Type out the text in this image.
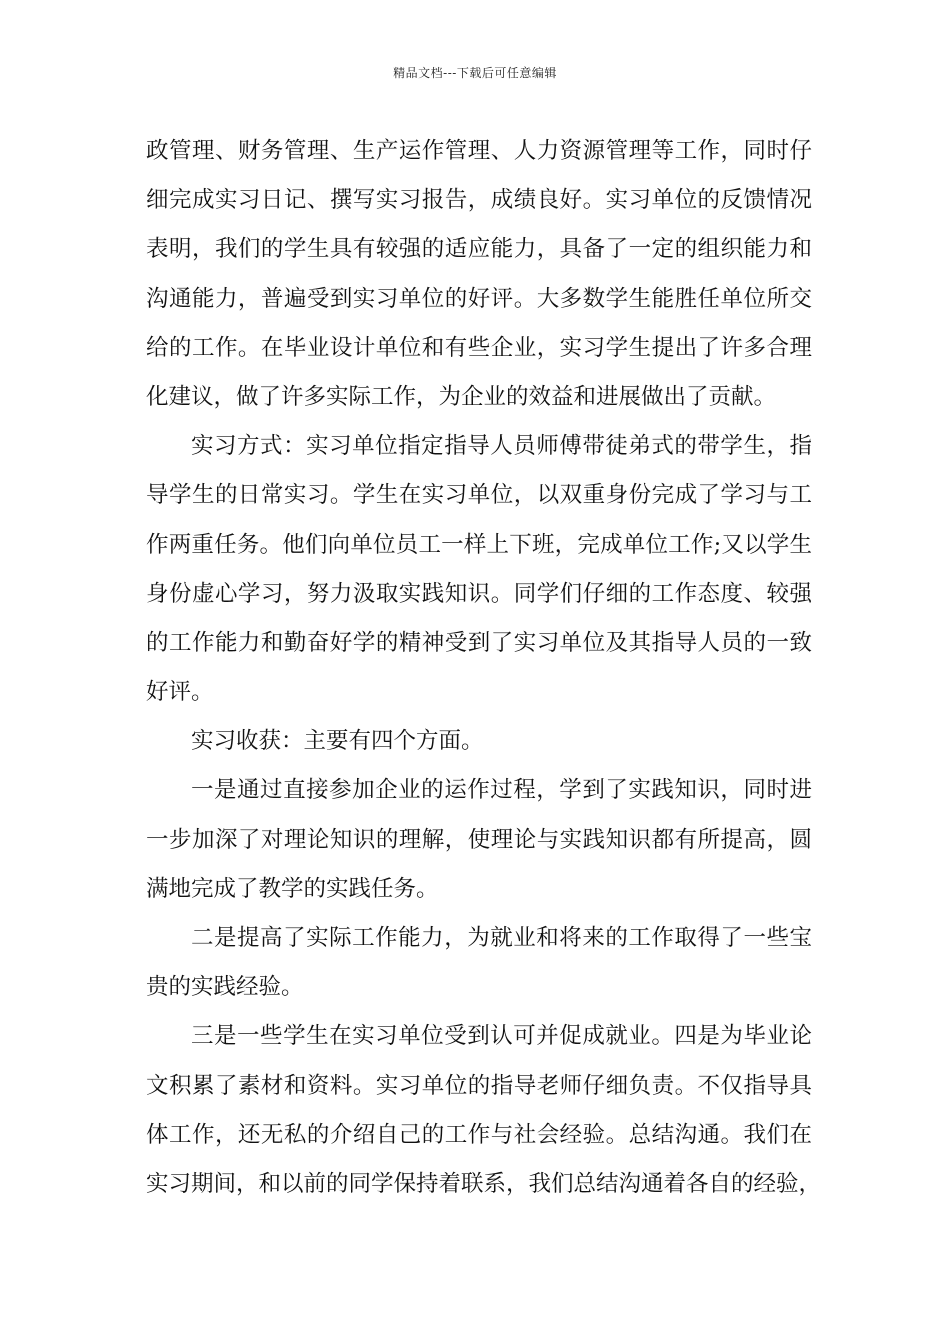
精品文档---下载后可任意编辑
政管理、财务管理、生产运作管理、人力资源管理等工作，同时仔
细完成实习日记、撰写实习报告，成绩良好。实习单位的反馈情况
表明，我们的学生具有较强的适应能力，具备了一定的组织能力和
沟通能力，普遍受到实习单位的好评。大多数学生能胜任单位所交
给的工作。在毕业设计单位和有些企业，实习学生提出了许多合理
化建议，做了许多实际工作，为企业的效益和进展做出了贡献。
实习方式：实习单位指定指导人员师傅带徒弟式的带学生，指
导学生的日常实习。学生在实习单位，以双重身份完成了学习与工
作两重任务。他们向单位员工一样上下班，完成单位工作;又以学生
身份虚心学习，努力汲取实践知识。同学们仔细的工作态度、较强
的工作能力和勤奋好学的精神受到了实习单位及其指导人员的一致
好评。
实习收获：主要有四个方面。
一是通过直接参加企业的运作过程，学到了实践知识，同时进
一步加深了对理论知识的理解，使理论与实践知识都有所提高，圆
满地完成了教学的实践任务。
二是提高了实际工作能力，为就业和将来的工作取得了一些宝
贵的实践经验。
三是一些学生在实习单位受到认可并促成就业。四是为毕业论
文积累了素材和资料。实习单位的指导老师仔细负责。不仅指导具
体工作，还无私的介绍自己的工作与社会经验。总结沟通。我们在
实习期间，和以前的同学保持着联系，我们总结沟通着各自的经验，
